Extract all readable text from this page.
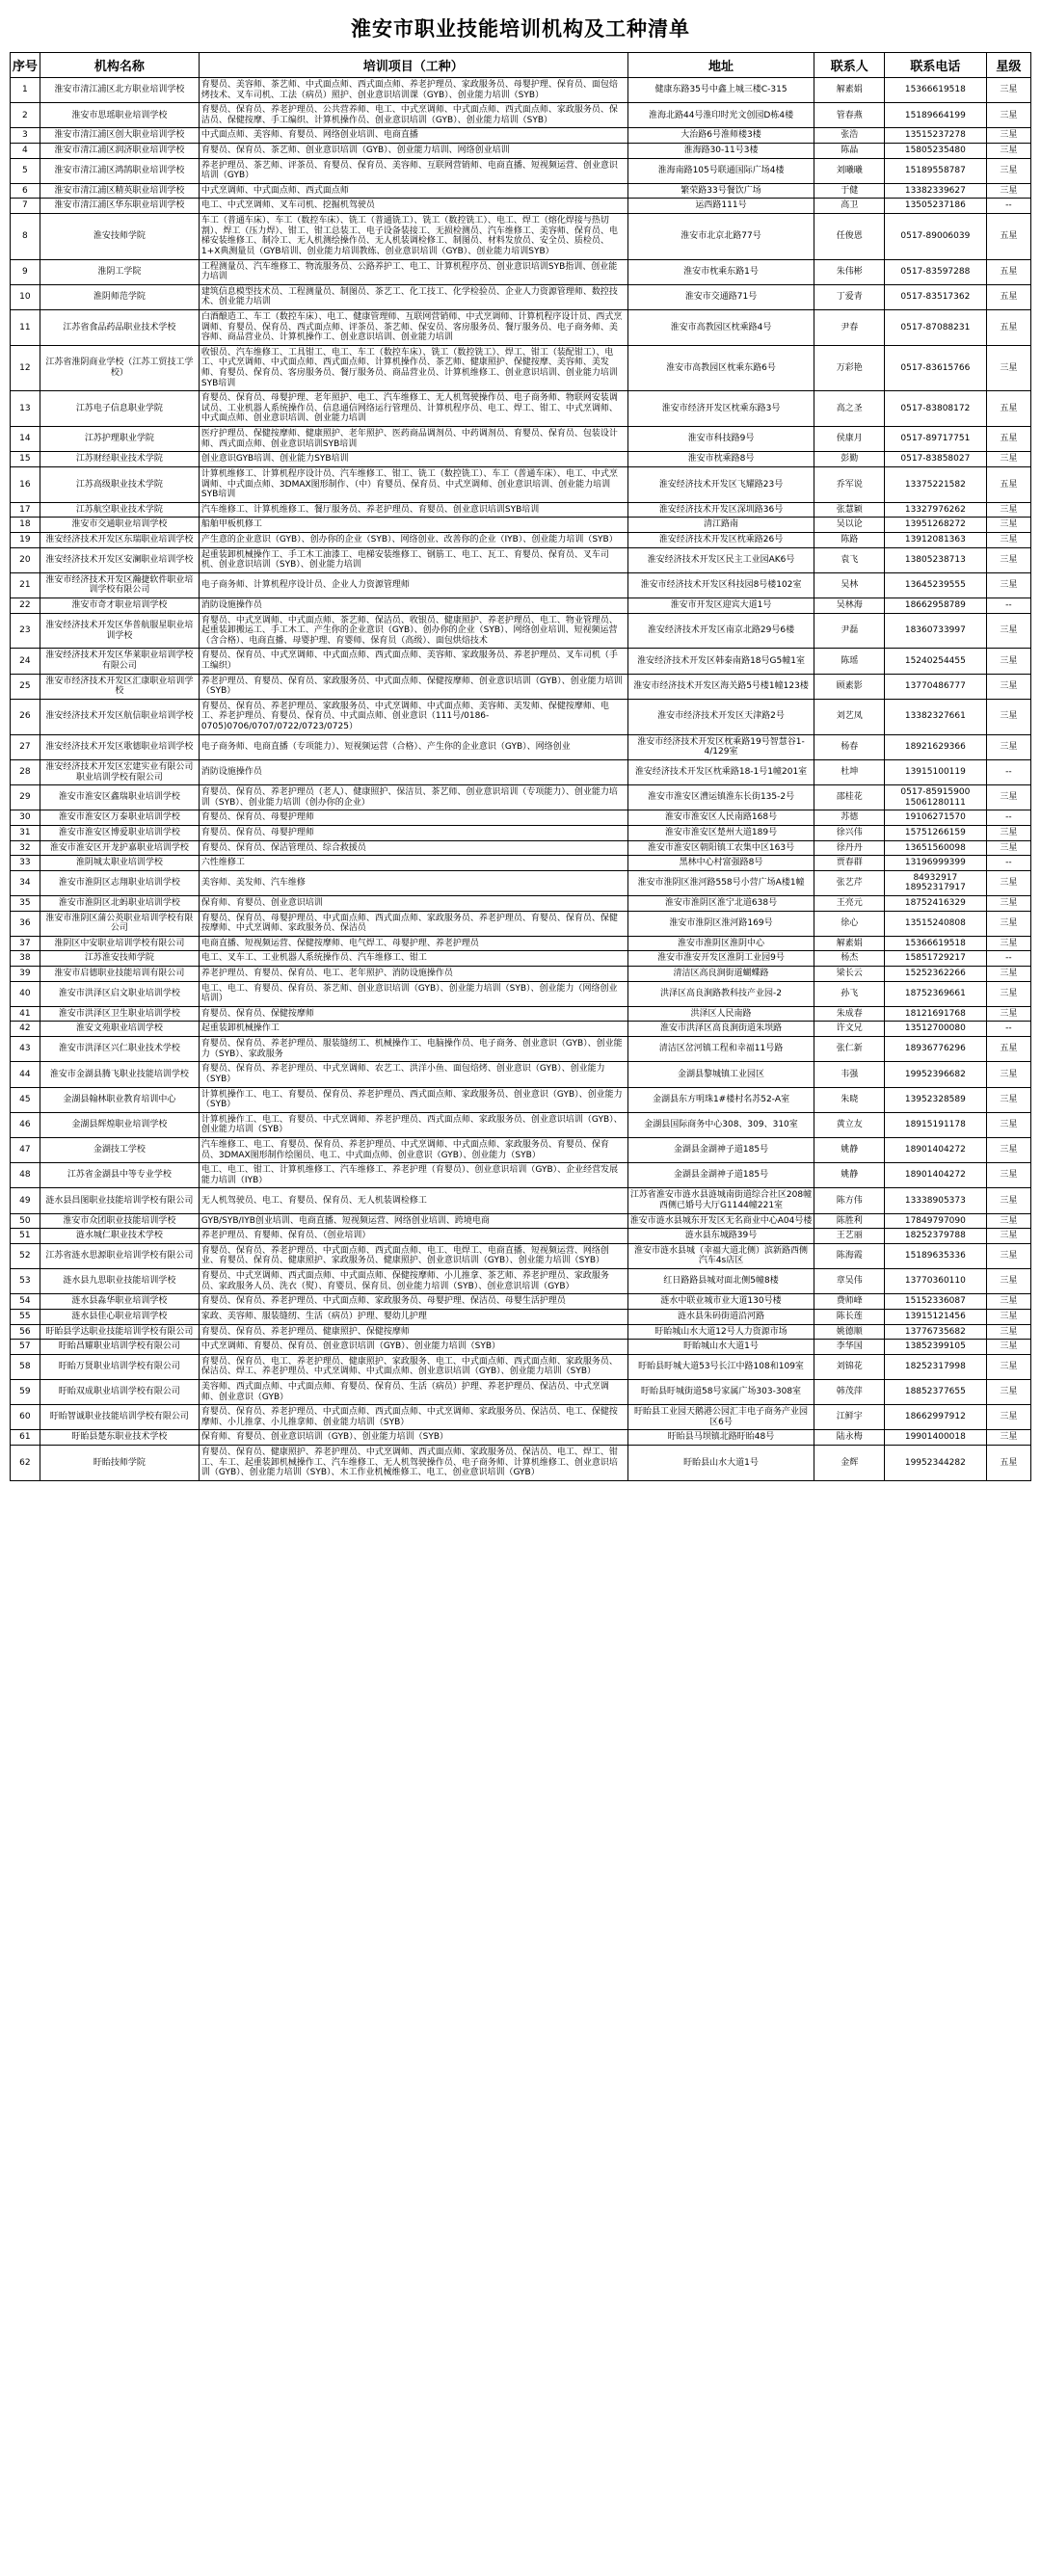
淮安市职业技能培训机构及工种清单
序号	机构名称	培训项目（工种）	地址	联系人	联系电话	星级
1	淮安市清江浦区北方职业培训学校	育婴员、美容师、茶艺师、中式面点师、西式面点师、养老护理员、家政服务员、母婴护理、保育员、面包焙烤技术、叉车司机、工法（病员）照护、创业意识培训课（GYB）、创业能力培训（SYB）	健康东路35号中鑫上城三楼C-315	解素娟	15366619518	三星
2	淮安市思瑶职业培训学校	育婴员、保育员、养老护理员、公共营养师、电工、中式烹调师、中式面点师、西式面点师、家政服务员、保洁员、保健按摩、手工编织、计算机操作员、创业意识培训（GYB）、创业能力培训（SYB）	淮海北路44号淮印时光文创园D栋4楼	管春燕	15189664199	三星
3	淮安市清江浦区创大职业培训学校	中式面点师、美容师、育婴员、网络创业培训、电商直播	大治路6号淮师楼3楼	张浩	13515237278	三星
4	淮安市清江浦区润济职业培训学校	育婴员、保育员、茶艺师、创业意识培训（GYB）、创业能力培训、网络创业培训	淮海路30-11号3楼	陈晶	15805235480	三星
5	淮安市清江浦区鸿鹄职业培训学校	养老护理员、茶艺师、评茶员、育婴员、保育员、美容师、互联网营销师、电商直播、短视频运营、创业意识培训（GYB）	淮海南路105号联通国际广场4楼	刘曦曦	15189558787	三星
6	淮安市清江浦区精英职业培训学校	中式烹调师、中式面点师、西式面点师	繁荣路33号餐饮广场	于健	13382339627	三星
7	淮安市清江浦区华东职业培训学校	电工、中式烹调师、叉车司机、挖掘机驾驶员	运西路111号	高卫	13505237186	--
8	淮安技师学院	车工（普通车床）、车工（数控车床）、铣工（普通铣工）、铣工（数控铣工）、电工、焊工（熔化焊接与热切割）、焊工（压力焊）、钳工、钳工总装工、电子设备装接工、无损检测员、汽车维修工、美容师、保育员、电梯安装维修工、制冷工、无人机测绘操作员、无人机装调检修工、制图员、材料发放员、安全员、质检员、1+X典测量员（GYB培训、创业能力培训教练、创业意识培训（GYB）、创业能力培训SYB）	淮安市北京北路77号	任俊恩	0517-89006039	五星
9	淮阴工学院	工程测量员、汽车维修工、物流服务员、公路养护工、电工、计算机程序员、创业意识培训SYB指训、创业能力培训	淮安市枕乘东路1号	朱伟彬	0517-83597288	五星
10	淮阴师范学院	建筑信息模型技术员、工程测量员、制图员、茶艺工、化工技工、化学检验员、企业人力资源管理师、数控技术、创业能力培训	淮安市交通路71号	丁爱青	0517-83517362	五星
11	江苏省食品药品职业技术学校	白酒酿造工、车工（数控车床）、电工、健康管理师、互联网营销师、中式烹调师、计算机程序设计员、西式烹调师、育婴员、保育员、西式面点师、评茶员、茶艺师、保安员、客房服务员、餐厅服务员、电子商务师、美容师、商品营业员、计算机操作工、创业意识培训、创业能力培训	淮安市高教园区枕乘路4号	尹春	0517-87088231	五星
12	江苏省淮阴商业学校（江苏工贸技工学校）	收银员、汽车维修工、工具钳工、电工、车工（数控车床）、铣工（数控铣工）、焊工、钳工（装配钳工）、电工、中式烹调师、中式面点师、西式面点师、计算机操作员、茶艺师、健康照护、保健按摩、美容师、美发师、育婴员、保育员、客房服务员、餐厅服务员、商品营业员、计算机维修工、创业意识培训、创业能力培训SYB培训	淮安市高教园区枕乘东路6号	万彩艳	0517-83615766	三星
13	江苏电子信息职业学院	育婴员、保育员、母婴护理、老年照护、电工、汽车维修工、无人机驾驶操作员、电子商务师、物联网安装调试员、工业机器人系统操作员、信息通信网络运行管理员、计算机程序员、电工、焊工、钳工、中式烹调师、中式面点师、创业意识培训、创业能力培训	淮安市经济开发区枕乘东路3号	高之圣	0517-83808172	五星
14	江苏护理职业学院	医疗护理员、保健按摩师、健康照护、老年照护、医药商品调剂员、中药调剂员、育婴员、保育员、包装设计师、西式面点师、创业意识培训SYB培训	淮安市科技路9号	侯康月	0517-89717751	五星
15	江苏财经职业技术学院	创业意识GYB培训、创业能力SYB培训	淮安市枕乘路8号	彭勤	0517-83858027	三星
16	江苏高级职业技术学院	计算机维修工、计算机程序设计员、汽车维修工、钳工、铣工（数控铣工）、车工（普通车床）、电工、中式烹调师、中式面点师、3DMAX图形制作、（中）育婴员、保育员、中式烹调师、创业意识培训、创业能力培训SYB培训	淮安经济技术开发区飞耀路23号	乔军说	13375221582	五星
17	江苏航空职业技术学院	汽车维修工、计算机维修工、餐厅服务员、养老护理员、育婴员、创业意识培训SYB培训	淮安经济技术开发区深圳路36号	张慧颖	13327976262	三星
18	淮安市交通职业培训学校	船舶甲板机修工	清江路南	吴以论	13951268272	三星
19	淮安经济技术开发区东瑞职业培训学校	产生意的企业意识（GYB）、创办你的企业（SYB）、网络创业、改善你的企业（IYB）、创业能力培训（SYB）	淮安经济技术开发区枕乘路26号	陈路	13912081363	三星
20	淮安经济技术开发区安澜职业培训学校	起重装卸机械操作工、手工木工油漆工、电梯安装维修工、钢筋工、电工、瓦工、育婴员、保育员、叉车司机、创业意识培训（SYB）、创业能力培训	淮安经济技术开发区民主工业园AK6号	袁飞	13805238713	三星
21	淮安市经济技术开发区瀚捷软件职业培训学校有限公司	电子商务师、计算机程序设计员、企业人力资源管理师	淮安市经济技术开发区科技园8号楼102室	吴林	13645239555	三星
22	淮安市奇才职业培训学校	消防设施操作员	淮安市开发区迎宾大道1号	吴林海	18662958789	--
23	淮安经济技术开发区华普航服星职业培训学校	育婴员、中式烹调师、中式面点师、茶艺师、保洁员、收银员、健康照护、养老护理员、电工、物业管理员、起重装卸搬运工、手工木工、产生你的企业意识（GYB）、创办你的企业（SYB）、网络创业培训、短视频运营（含合格）、电商直播、母婴护理、育婴师、保育员（高级）、面包烘焙技术	淮安经济技术开发区南京北路29号6楼	尹磊	18360733997	三星
24	淮安经济技术开发区华莱职业培训学校有限公司	育婴员、保育员、中式烹调师、中式面点师、西式面点师、美容师、家政服务员、养老护理员、叉车司机（手工编织）	淮安经济技术开发区韩泰南路18号G5幢1室	陈瑶	15240254455	三星
25	淮安市经济技术开发区汇康职业培训学校	养老护理员、育婴员、保育员、家政服务员、中式面点师、保健按摩师、创业意识培训（GYB）、创业能力培训（SYB）	淮安市经济技术开发区海关路5号楼1幢123楼	顾素影	13770486777	三星
26	淮安经济技术开发区航信职业培训学校	育婴员、保育员、养老护理员、家政服务员、中式烹调师、中式面点师、美容师、美发师、保健按摩师、电工、养老护理员、育婴员、保育员、中式面点师、创业意识（111号/0186-0705)0706/0707/0722/0723/0725）	淮安市经济技术开发区天津路2号	刘艺凤	13382327661	三星
27	淮安经济技术开发区歌德职业培训学校	电子商务师、电商直播（专项能力）、短视频运营（合格）、产生你的企业意识（GYB）、网络创业	淮安市经济技术开发区枕乘路19号智慧谷1-4/129室	杨春	18921629366	三星
28	淮安经济技术开发区宏建实业有限公司职业培训学校有限公司	消防设施操作员	淮安经济技术开发区枕乘路18-1号1幢201室	杜坤	13915100119	--
29	淮安市淮安区鑫瑞职业培训学校	育婴员、保育员、养老护理员（老人）、健康照护、保洁员、茶艺师、创业意识培训（专项能力）、创业能力培训（SYB）、创业能力培训（创办你的企业）	淮安市淮安区漕运镇淮东长街135-2号	邵桂花	0517-85915900 15061280111	三星
30	淮安市淮安区万泰职业培训学校	育婴员、保育员、母婴护理师	淮安市淮安区人民南路168号	苏德	19106271570	--
31	淮安市淮安区博爱职业培训学校	育婴员、保育员、母婴护理师	淮安市淮安区楚州大道189号	徐兴伟	15751266159	三星
32	淮安市淮安区开龙护嘉职业培训学校	育婴员、保育员、保洁管理员、综合救援员	淮安市淮安区朝阳镇工农集中区163号	徐丹丹	13651560098	三星
33	淮阴城太职业培训学校	六性维修工	黑林中心村富强路8号	贾春群	13196999399	--
34	淮安市淮阴区志翔职业培训学校	美容师、美发师、汽车维修	淮安市淮阴区淮河路558号小营广场A楼1幢	张艺芹	84932917 18952317917	三星
35	淮安市淮阴区北蚂职业培训学校	保育师、育婴员、创业意识培训	淮安市淮阴区淮宁北道638号	王亮元	18752416329	三星
36	淮安市淮阴区蒲公英职业培训学校有限公司	育婴员、保育员、母婴护理员、中式面点师、西式面点师、家政服务员、养老护理员、育婴员、保育员、保健按摩师、中式烹调师、家政服务员、保洁员	淮安市淮阴区淮河路169号	徐心	13515240808	三星
37	淮阴区中安职业培训学校有限公司	电商直播、短视频运营、保健按摩师、电气焊工、母婴护理、养老护理员	淮安市淮阴区淮阴中心	解素娟	15366619518	三星
38	江苏淮安技师学院	电工、叉车工、工业机器人系统操作员、汽车维修工、钳工	淮安市淮安开发区淮阴工业园9号	杨杰	15851729217	--
39	淮安市启德职业技能培训有限公司	养老护理员、育婴员、保育员、电工、老年照护、消防设施操作员	清洁区高良涧街道蝴蝶路	梁长云	15252362266	三星
40	淮安市洪泽区启文职业培训学校	电工、电工、育婴员、保育员、茶艺师、创业意识培训（GYB）、创业能力培训（SYB）、创业能力（网络创业培训）	洪泽区高良涧路教科技产业园-2	孙飞	18752369661	三星
41	淮安市洪泽区卫生职业培训学校	育婴员、保育员、保健按摩师	洪泽区人民南路	朱成春	18121691768	三星
42	淮安文苑职业培训学校	起重装卸机械操作工	淮安市洪泽区高良涧街道朱坝路	许文兄	13512700080	--
43	淮安市洪泽区兴仁职业技术学校	育婴员、保育员、养老护理员、服装缝纫工、机械操作工、电脑操作员、电子商务、创业意识（GYB）、创业能力（SYB）、家政服务	清洁区岔河镇工程和幸福11号路	张仁新	18936776296	五星
44	淮安市金湖县腾飞职业技能培训学校	育婴员、保育员、养老护理员、中式烹调师、农艺工、洪洋小鱼、面包焙烤、创业意识（GYB）、创业能力（SYB）	金湖县黎城镇工业园区	韦强	19952396682	三星
45	金湖县翰林职业教育培训中心	计算机操作工、电工、育婴员、保育员、养老护理员、西式面点师、家政服务员、创业意识（GYB）、创业能力（SYB）	金湖县东方明珠1#楼村名苏52-A室	朱晓	13952328589	三星
46	金湖县辉煌职业培训学校	计算机操作工、电工、育婴员、中式烹调师、养老护理员、西式面点师、家政服务员、创业意识培训（GYB）、创业能力培训（SYB）	金湖县国际商务中心308、309、310室	黄立友	18915191178	三星
47	金湖技工学校	汽车维修工、电工、育婴员、保育员、养老护理员、中式烹调师、中式面点师、家政服务员、育婴员、保育员、3DMAX图形制作绘图员、电工、中式面点师、创业意识（GYB）、创业能力（SYB）	金湖县金湖神子道185号	姚静	18901404272	三星
48	江苏省金湖县中等专业学校	电工、电工、钳工、计算机维修工、汽车维修工、养老护理（育婴员）、创业意识培训（GYB）、企业经营发展能力培训（IYB）	金湖县金湖神子道185号	姚静	18901404272	三星
49	涟水县昌图职业技能培训学校有限公司	无人机驾驶员、电工、育婴员、保育员、无人机装调检修工	江苏省淮安市涟水县涟城南街道综合社区208幢西侧已婚号大厅G1144幢221室	陈方伟	13338905373	三星
50	淮安市众团职业技能培训学校	GYB/SYB/IYB创业培训、电商直播、短视频运营、网络创业培训、跨境电商	淮安市涟水县城东开发区无名商业中心A04号楼	陈胜利	17849797090	三星
51	涟水城仁职业技术学校	养老护理员、育婴师、保育员、（创业培训）	涟水县东城路39号	王艺丽	18252379788	三星
52	江苏省涟水思源职业培训学校有限公司	育婴员、保育员、养老护理员、中式面点师、西式面点师、电工、电焊工、电商直播、短视频运营、网络创业、育婴员、保育员、健康照护、家政服务员、健康照护、创业意识培训（GYB）、创业能力培训（SYB）	淮安市涟水县城（幸福大道北侧）滨新路西侧汽车4s店区	陈海霞	15189635336	三星
53	涟水县九思职业技能培训学校	育婴员、中式烹调师、西式面点师、中式面点师、保健按摩师、小儿推拿、茶艺师、养老护理员、家政服务员、家政服务人员、洗衣（熨）、育婴员、保育员、创业能力培训（SYB）、创业意识培训（GYB）	红日路路县城对面北侧5幢8楼	章吴伟	13770360110	三星
54	涟水县淼华职业培训学校	育婴员、保育员、养老护理员、中式面点师、家政服务员、母婴护理、保洁员、母婴生活护理员	涟水中联业城市业大道130号楼	费师峰	15152336087	三星
55	涟水县佳心职业培训学校	家政、美容师、服装缝纫、生活（病员）护理、婴幼儿护理	涟水县朱码街道沿河路	陈长莲	13915121456	三星
56	盱眙县学达职业技能培训学校有限公司	育婴员、保育员、养老护理员、健康照护、保健按摩师	盱眙城山水大道12号人力资源市场	姚德顺	13776735682	三星
57	盱眙昌耀职业培训学校有限公司	中式烹调师、育婴员、保育员、创业意识培训（GYB）、创业能力培训（SYB）	盱眙城山水大道1号	李华国	13852399105	三星
58	盱眙万贤职业培训学校有限公司	育婴员、保育员、电工、养老护理员、健康照护、家政服务、电工、中式面点师、西式面点师、家政服务员、保洁员、焊工、养老护理员、中式烹调师、中式面点师、创业意识培训（GYB）、创业能力培训（SYB）	盱眙县盱城大道53号长江中路108和109室	刘锦花	18252317998	三星
59	盱眙双成职业培训学校有限公司	美容师、西式面点师、中式面点师、育婴员、保育员、生活（病员）护理、养老护理员、保洁员、中式烹调师、创业意识（GYB）	盱眙县盱城街道58号家属广场303-308室	韩茂萍	18852377655	三星
60	盱眙智诚职业技能培训学校有限公司	育婴员、保育员、养老护理员、中式面点师、西式面点师、中式烹调师、家政服务员、保洁员、电工、保健按摩师、小儿推拿、小儿推拿师、创业能力培训（SYB）	盱眙县工业园天鹅港公园汇丰电子商务产业园区6号	江鲜宇	18662997912	三星
61	盱眙县楚东职业技术学校	保育师、育婴员、创业意识培训（GYB）、创业能力培训（SYB）	盱眙县马坝镇北路盱眙48号	陆永梅	19901400018	三星
62	盱眙技师学院	育婴员、保育员、健康照护、养老护理员、中式烹调师、西式面点师、家政服务员、保洁员、电工、焊工、钳工、车工、起重装卸机械操作工、汽车维修工、无人机驾驶操作员、电子商务师、计算机维修工、创业意识培训（GYB）、创业能力培训（SYB）、木工作业机械维修工、电工、创业意识培训（GYB）	盱眙县山水大道1号	金辉	19952344282	五星
